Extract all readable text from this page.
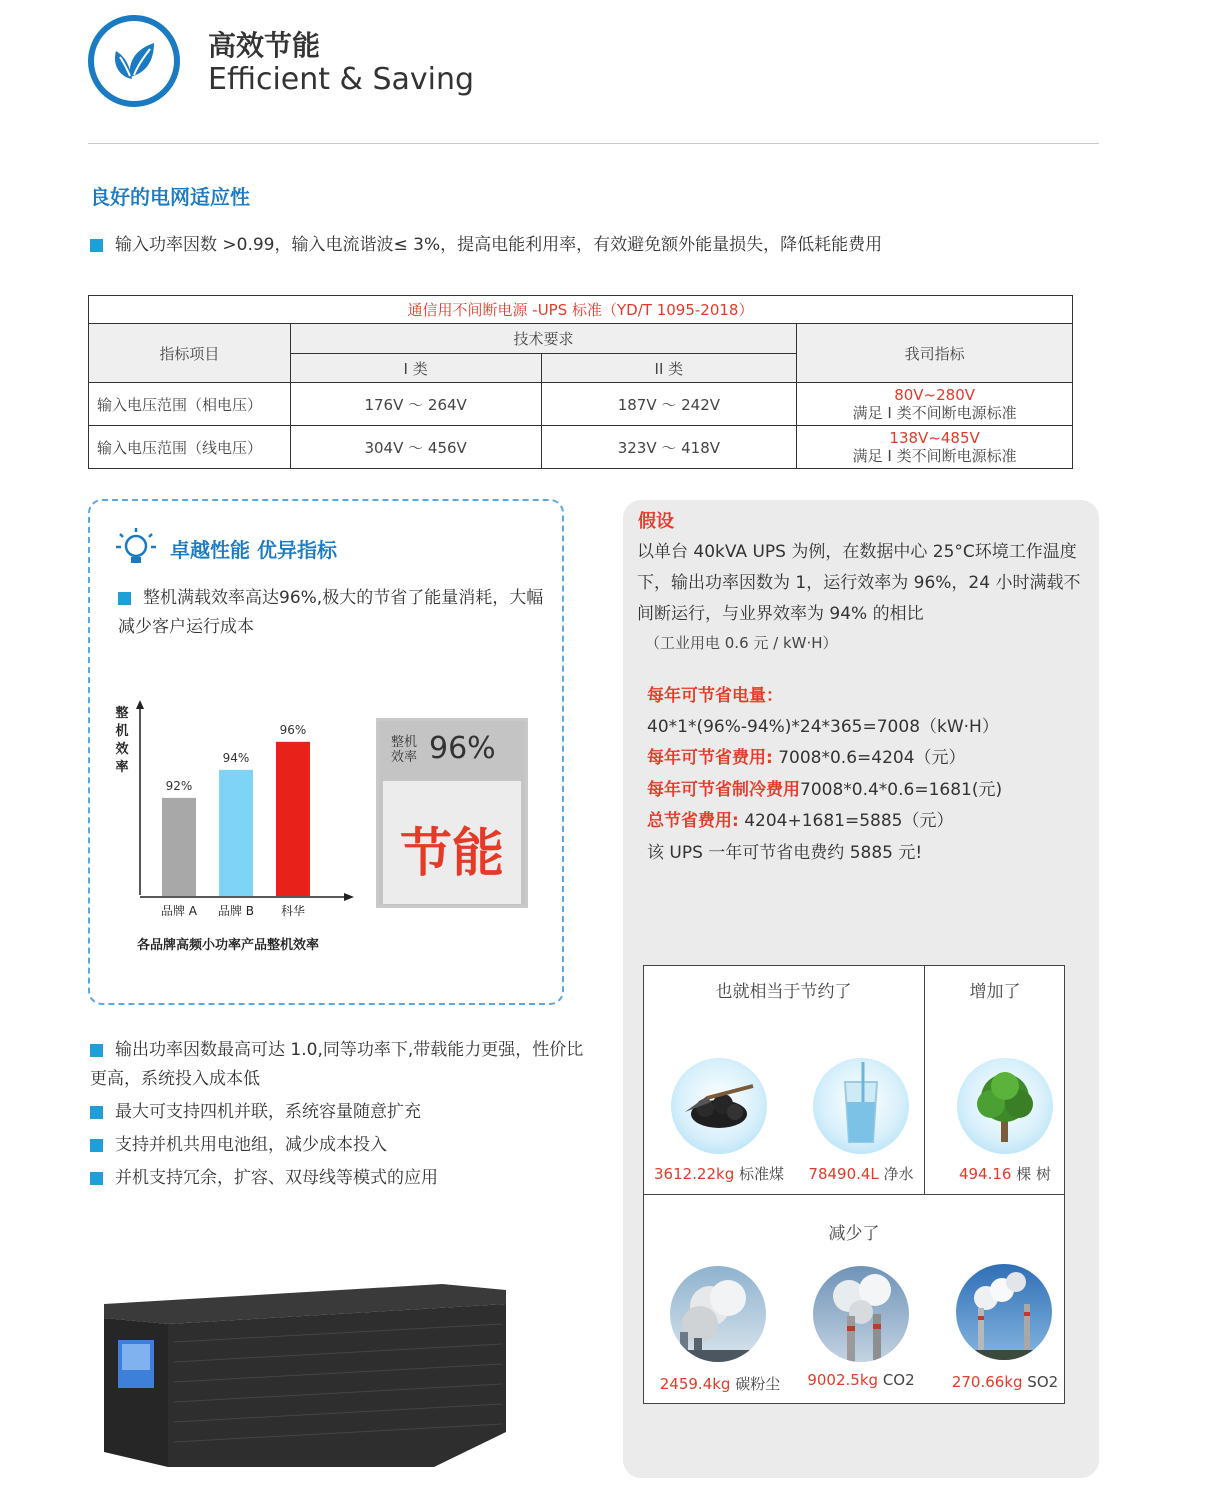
高效节能
Efficient & Saving
良好的电网适应性
输入功率因数 >0.99，输入电流谐波≤ 3%，提高电能利用率，有效避免额外能量损失，降低耗能费用
通信用不间断电源 -UPS 标准（YD/T 1095-2018）			
指标项目	技术要求		我司指标
	I 类	II 类	
输入电压范围（相电压）	176V ～ 264V	187V ～ 242V	80V~280V
满足 I 类不间断电源标准

输入电压范围（线电压）	304V ～ 456V	323V ～ 418V	138V~485V
满足 I 类不间断电源标准
卓越性能 优异指标
整机满载效率高达96%,极大的节省了能量消耗，大幅减少客户运行成本
92%
品牌 A
94%
品牌 B
96%
科华
整
机
效
率
各品牌高频小功率产品整机效率
整机效率 96%
节能
假设
以单台 40kVA UPS 为例，在数据中心 25°C环境工作温度下，输出功率因数为 1，运行效率为 96%，24 小时满载不间断运行，与业界效率为 94% 的相比
（工业用电 0.6 元 / kW·H）
每年可节省电量：
40*1*(96%-94%)*24*365=7008（kW·H）
每年可节省费用: 7008*0.6=4204（元）
每年可节省制冷费用7008*0.4*0.6=1681(元)
总节省费用: 4204+1681=5885（元）
该 UPS 一年可节省电费约 5885 元!
也就相当于节约了	增加了
减少了
3612.22kg 标准煤	78490.4L 净水	494.16 棵 树
2459.4kg 碳粉尘	9002.5kg CO2	270.66kg SO2
输出功率因数最高可达 1.0,同等功率下,带载能力更强，性价比更高，系统投入成本低
最大可支持四机并联，系统容量随意扩充
支持并机共用电池组，减少成本投入
并机支持冗余，扩容、双母线等模式的应用
